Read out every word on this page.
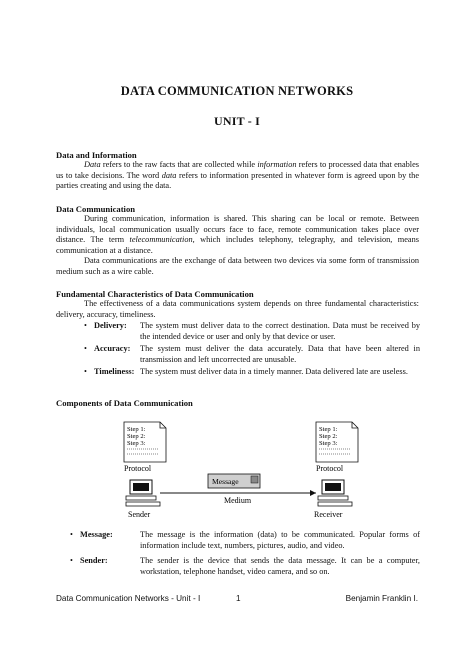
DATA COMMUNICATION NETWORKS
UNIT - I
Data and Information

Data refers to the raw facts that are collected while information refers to processed data that enables us to take decisions. The word data refers to information presented in whatever form is agreed upon by the parties creating and using the data.

Data Communication

During communication, information is shared. This sharing can be local or remote. Between individuals, local communication usually occurs face to face, remote communication takes place over distance. The term telecommunication, which includes telephony, telegraphy, and television, means communication at a distance.

Data communications are the exchange of data between two devices via some form of transmission medium such as a wire cable.

Fundamental Characteristics of Data Communication

The effectiveness of a data communications system depends on three fundamental characteristics: delivery, accuracy, timeliness.

• Delivery:	The system must deliver data to the correct destination. Data must be received by the intended device or user and only by that device or user.
• Accuracy:	The system must deliver the data accurately. Data that have been altered in transmission and left uncorrected are unusable.
• Timeliness: The system must deliver data in a timely manner. Data delivered late are useless.
Components of Data Communication
Step 1:
Step 2:
Step 3:
Protocol
Step 1:
Step 2:
Step 3:
Protocol
Message
Medium
Sender	Receiver
• Message:	The message is the information (data) to be communicated. Popular forms of information include text, numbers, pictures, audio, and video.
• Sender:	The sender is the device that sends the data message. It can be a computer, workstation, telephone handset, video camera, and so on.
Data Communication Networks - Unit - I	1	Benjamin Franklin I.
